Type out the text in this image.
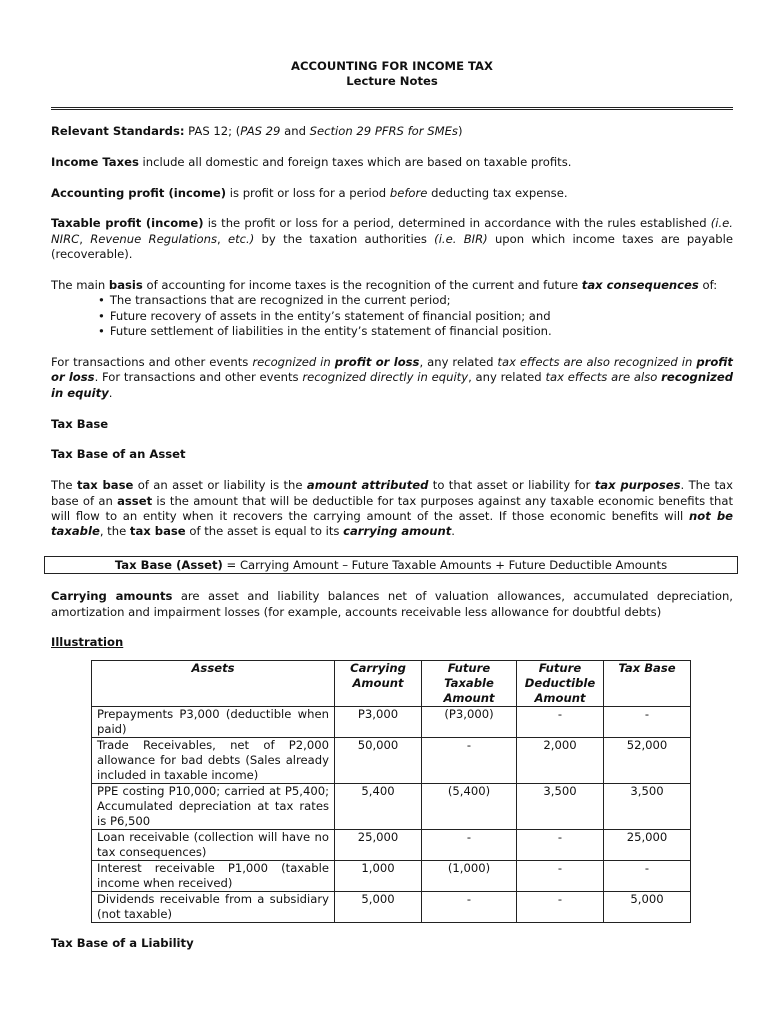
ACCOUNTING FOR INCOME TAX
Lecture Notes

Relevant Standards: PAS 12; (PAS 29 and Section 29 PFRS for SMEs)

Income Taxes include all domestic and foreign taxes which are based on taxable profits.

Accounting profit (income) is profit or loss for a period before deducting tax expense.

Taxable profit (income) is the profit or loss for a period, determined in accordance with the rules established (i.e. NIRC, Revenue Regulations, etc.) by the taxation authorities (i.e. BIR) upon which income taxes are payable (recoverable).

The main basis of accounting for income taxes is the recognition of the current and future tax consequences of:

• The transactions that are recognized in the current period;
• Future recovery of assets in the entity’s statement of financial position; and
• Future settlement of liabilities in the entity’s statement of financial position.

For transactions and other events recognized in profit or loss, any related tax effects are also recognized in profit or loss. For transactions and other events recognized directly in equity, any related tax effects are also recognized in equity.

Tax Base
Tax Base of an Asset

The tax base of an asset or liability is the amount attributed to that asset or liability for tax purposes. The tax base of an asset is the amount that will be deductible for tax purposes against any taxable economic benefits that will flow to an entity when it recovers the carrying amount of the asset. If those economic benefits will not be taxable, the tax base of the asset is equal to its carrying amount.

Tax Base (Asset) = Carrying Amount – Future Taxable Amounts + Future Deductible Amounts

Carrying amounts are asset and liability balances net of valuation allowances, accumulated depreciation, amortization and impairment losses (for example, accounts receivable less allowance for doubtful debts)

Illustration
Assets	Carrying Amount	Future Taxable Amount	Future Deductible Amount	Tax Base
Prepayments P3,000 (deductible when paid)	P3,000	(P3,000)	-	-
Trade Receivables, net of P2,000 allowance for bad debts (Sales already included in taxable income)	50,000	-	2,000	52,000
PPE costing P10,000; carried at P5,400; Accumulated depreciation at tax rates is P6,500	5,400	(5,400)	3,500	3,500
Loan receivable (collection will have no tax consequences)	25,000	-	-	25,000
Interest receivable P1,000 (taxable income when received)	1,000	(1,000)	-	-
Dividends receivable from a subsidiary (not taxable)	5,000	-	-	5,000
Tax Base of a Liability
